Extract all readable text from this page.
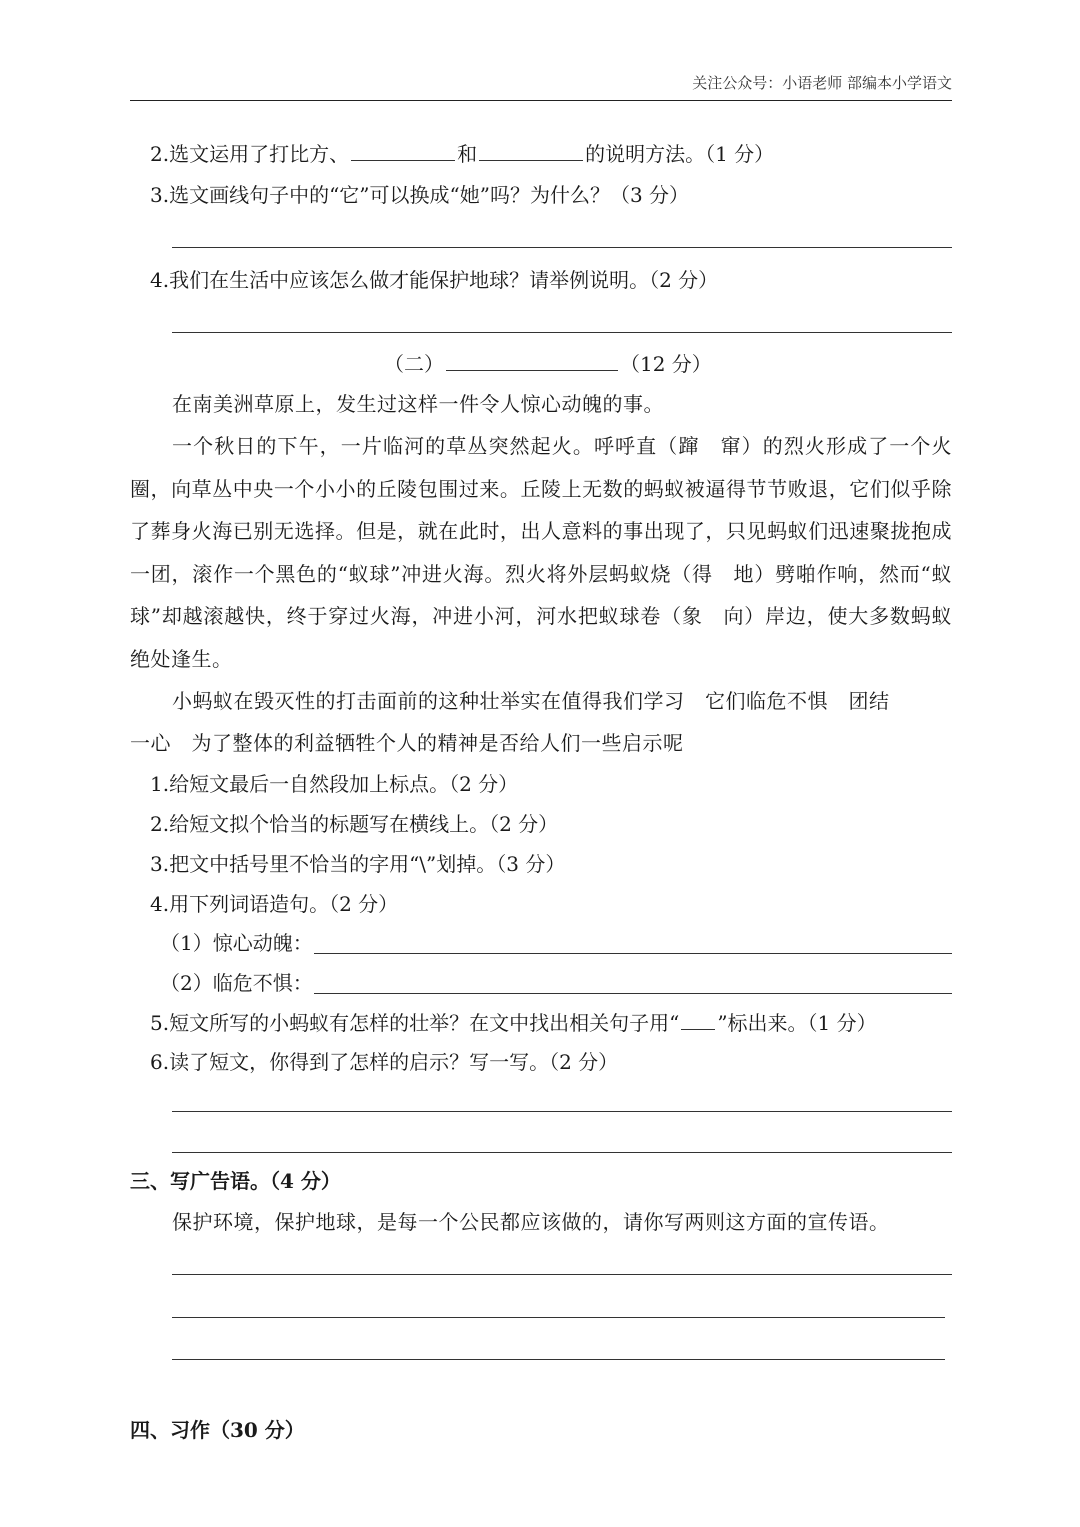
关注公众号：小语老师 部编本小学语文
2.选文运用了打比方、	和	的说明方法。（1 分）
3.选文画线句子中的“它”可以换成“她”吗？为什么？（3 分）
4.我们在生活中应该怎么做才能保护地球？请举例说明。（2 分）
（二）	（12 分）
在南美洲草原上，发生过这样一件令人惊心动魄的事。
一个秋日的下午，一片临河的草丛突然起火。呼呼直（蹿　窜）的烈火形成了一个火圈，向草丛中央一个小小的丘陵包围过来。丘陵上无数的蚂蚁被逼得节节败退，它们似乎除了葬身火海已别无选择。但是，就在此时，出人意料的事出现了，只见蚂蚁们迅速聚拢抱成一团，滚作一个黑色的“蚁球”冲进火海。烈火将外层蚂蚁烧（得　地）劈啪作响，然而“蚁球”却越滚越快，终于穿过火海，冲进小河，河水把蚁球卷（象　向）岸边，使大多数蚂蚁绝处逢生。
小蚂蚁在毁灭性的打击面前的这种壮举实在值得我们学习　它们临危不惧　团结
一心　为了整体的利益牺牲个人的精神是否给人们一些启示呢
1.给短文最后一自然段加上标点。（2 分）
2.给短文拟个恰当的标题写在横线上。（2 分）
3.把文中括号里不恰当的字用“\”划掉。（3 分）
4.用下列词语造句。（2 分）
（1）惊心动魄：
（2）临危不惧：
5.短文所写的小蚂蚁有怎样的壮举？在文中找出相关句子用“ ”标出来。（1 分）
6.读了短文，你得到了怎样的启示？写一写。（2 分）
三、写广告语。（4 分）
保护环境，保护地球，是每一个公民都应该做的，请你写两则这方面的宣传语。
四、习作（30 分）
